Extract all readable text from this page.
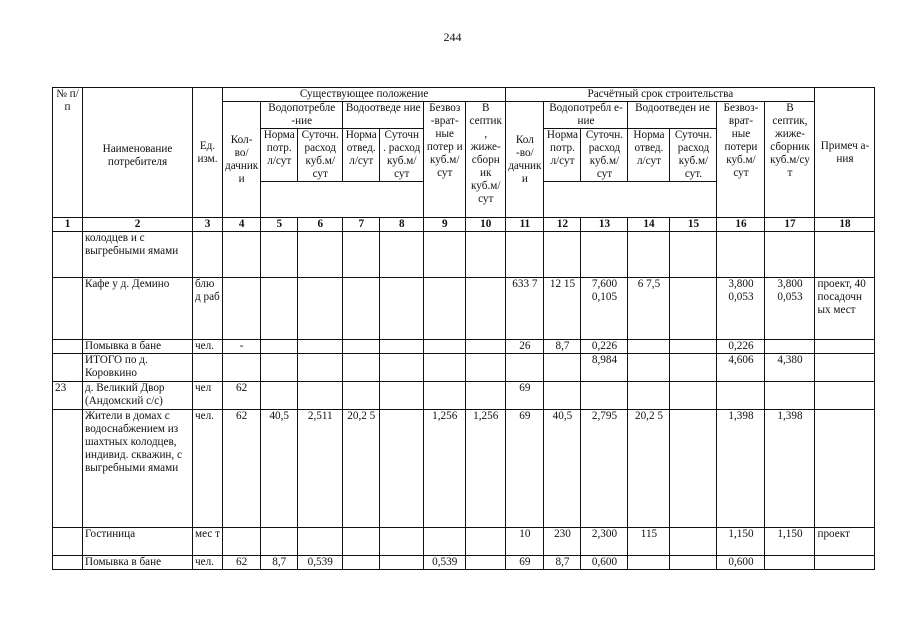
244
№ п/п	Наименование потребителя	Ед. изм.	Существующее положение							Расчётный срок строительства							Примеч а-ния
			Кол- во/ дачник и	Водопотребле -ние		Водоотведе ние		Безвоз -врат- ные потер и куб.м/ сут	В септик , жиже- сборн ик куб.м/ сут	Кол -во/ дачник и	Водопотребл е-ние		Водоотведен ие		Безвоз- врат- ные потери куб.м/ сут	В септик, жиже- сборник куб.м/су т	
				Норма потр. л/сут	Суточн. расход куб.м/ сут	Норма отвед. л/сут	Суточн . расход куб.м/ сут				Норма потр. л/сут	Суточн. расход куб.м/ сут	Норма отвед. л/сут	Суточн. расход куб.м/ сут.			

1	2	3	4	5	6	7	8	9	10	11	12	13	14	15	16	17	18
	колодцев и с выгребными ямами																
	Кафе у д. Демино	блю д раб								633 7	12 15	7,600 0,105	6 7,5		3,800 0,053	3,800 0,053	проект, 40 посадочн ых мест
	Помывка в бане	чел.	-							26	8,7	0,226			0,226		
	ИТОГО по д. Коровкино											8,984			4,606	4,380	
23	д. Великий Двор (Андомский с/с)	чел	62							69							
	Жители в домах с водоснабжением из шахтных колодцев, индивид. скважин, с выгребными ямами	чел.	62	40,5	2,511	20,2 5		1,256	1,256	69	40,5	2,795	20,2 5		1,398	1,398	
	Гостиница	мес т								10	230	2,300	115		1,150	1,150	проект
	Помывка в бане	чел.	62	8,7	0,539			0,539		69	8,7	0,600			0,600		
